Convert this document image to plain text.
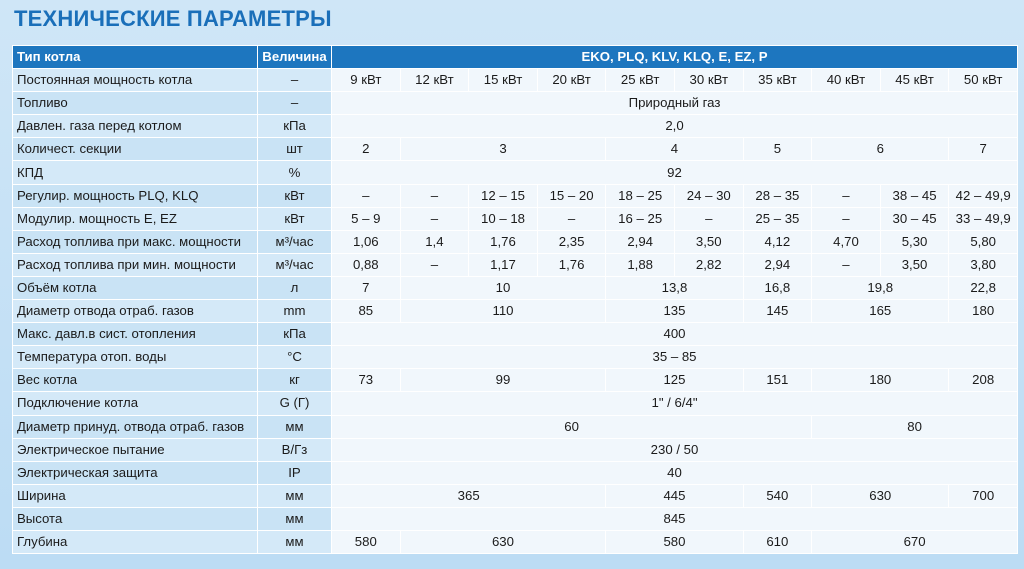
ТЕХНИЧЕСКИЕ ПАРАМЕТРЫ
Тип котла	Величина	EKO, PLQ, KLV, KLQ, E, EZ, P									
Постоянная мощность котла	–	9 кВт	12 кВт	15 кВт	20 кВт	25 кВт	30 кВт	35 кВт	40 кВт	45 кВт	50 кВт
Топливо	–	Природный газ									
Давлен. газа перед котлом	кПа	2,0									
Количест. секции	шт	2	3			4		5	6		7
КПД	%	92									
Регулир. мощность PLQ, KLQ	кВт	–	–	12 – 15	15 – 20	18 – 25	24 – 30	28 – 35	–	38 – 45	42 – 49,9
Модулир. мощность E, EZ	кВт	5 – 9	–	10 – 18	–	16 – 25	–	25 – 35	–	30 – 45	33 – 49,9
Расход топлива при макс. мощности	м³/час	1,06	1,4	1,76	2,35	2,94	3,50	4,12	4,70	5,30	5,80
Расход топлива при мин. мощности	м³/час	0,88	–	1,17	1,76	1,88	2,82	2,94	–	3,50	3,80
Объём котла	л	7	10			13,8		16,8	19,8		22,8
Диаметр отвода отраб. газов	mm	85	110			135		145	165		180
Макс. давл.в сист. отопления	кПа	400									
Температура отоп. воды	°C	35 – 85									
Вес котла	кг	73	99			125		151	180		208
Подключение котла	G (Г)	1" / 6/4"									
Диаметр принуд. отвода отраб. газов	мм	60							80		
Электрическое пытание	В/Гз	230 / 50									
Электрическая защита	IP	40									
Ширина	мм	365				445		540	630		700
Высота	мм	845									
Глубина	мм	580	630			580		610	670		
